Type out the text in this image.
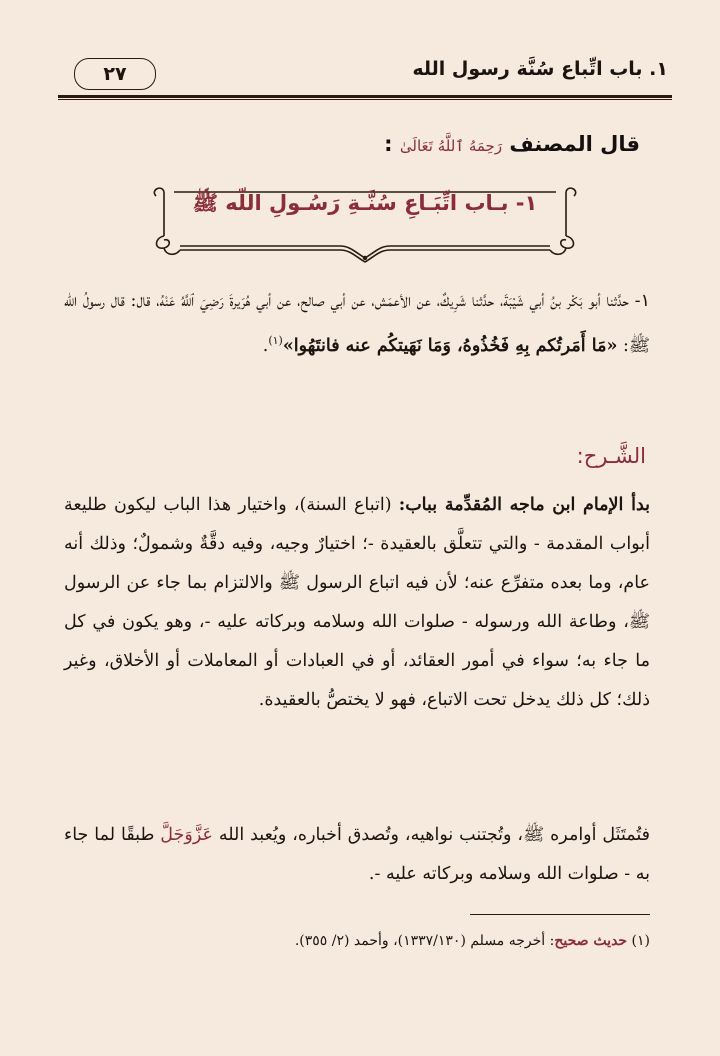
١. باب اتِّباع سُنَّة رسول الله
٢٧
قال المصنف رَحِمَهُ ٱللَّهُ تَعَالَىٰ :
١- بـاب اتِّبَـاعِ سُنَّـةِ رَسُـولِ اللّه ﷺ
١- حدَّثنا أبو بَكْر بنُ أبي شَيْبَةَ، حدَّثنا شَرِيكٌ، عن الأعمَش، عن أبي صالح، عن أبي هُرَيرةَ رَضِيَ ٱللَّهُ عَنْهُ، قال: قال رسولُ الله ﷺ: «مَا أَمَرتُكم بِهِ فَخُذُوهُ، وَمَا نَهَيتكُم عنه فانتَهُوا»$^{(١)}$.
الشَّـرح:
بدأ الإمام ابن ماجه المُقدِّمة بباب: (اتباع السنة)، واختيار هذا الباب ليكون طليعة أبواب المقدمة - والتي تتعلَّق بالعقيدة -؛ اختيارٌ وجيه، وفيه دقَّةٌ وشمولٌ؛ وذلك أنه عام، وما بعده متفرِّع عنه؛ لأن فيه اتباع الرسول ﷺ والالتزام بما جاء عن الرسول ﷺ، وطاعة الله ورسوله - صلوات الله وسلامه وبركاته عليه -، وهو يكون في كل ما جاء به؛ سواء في أمور العقائد، أو في العبادات أو المعاملات أو الأخلاق، وغير ذلك؛ كل ذلك يدخل تحت الاتباع، فهو لا يختصُّ بالعقيدة.
فتُمتَثَل أوامره ﷺ، وتُجتنب نواهيه، وتُصدق أخباره، ويُعبد الله عَزَّوَجَلَّ طبقًا لما جاء به - صلوات الله وسلامه وبركاته عليه -.
(١) حديث صحيح: أخرجه مسلم (١٣٣٧/١٣٠)، وأحمد (٢/ ٣٥٥).
